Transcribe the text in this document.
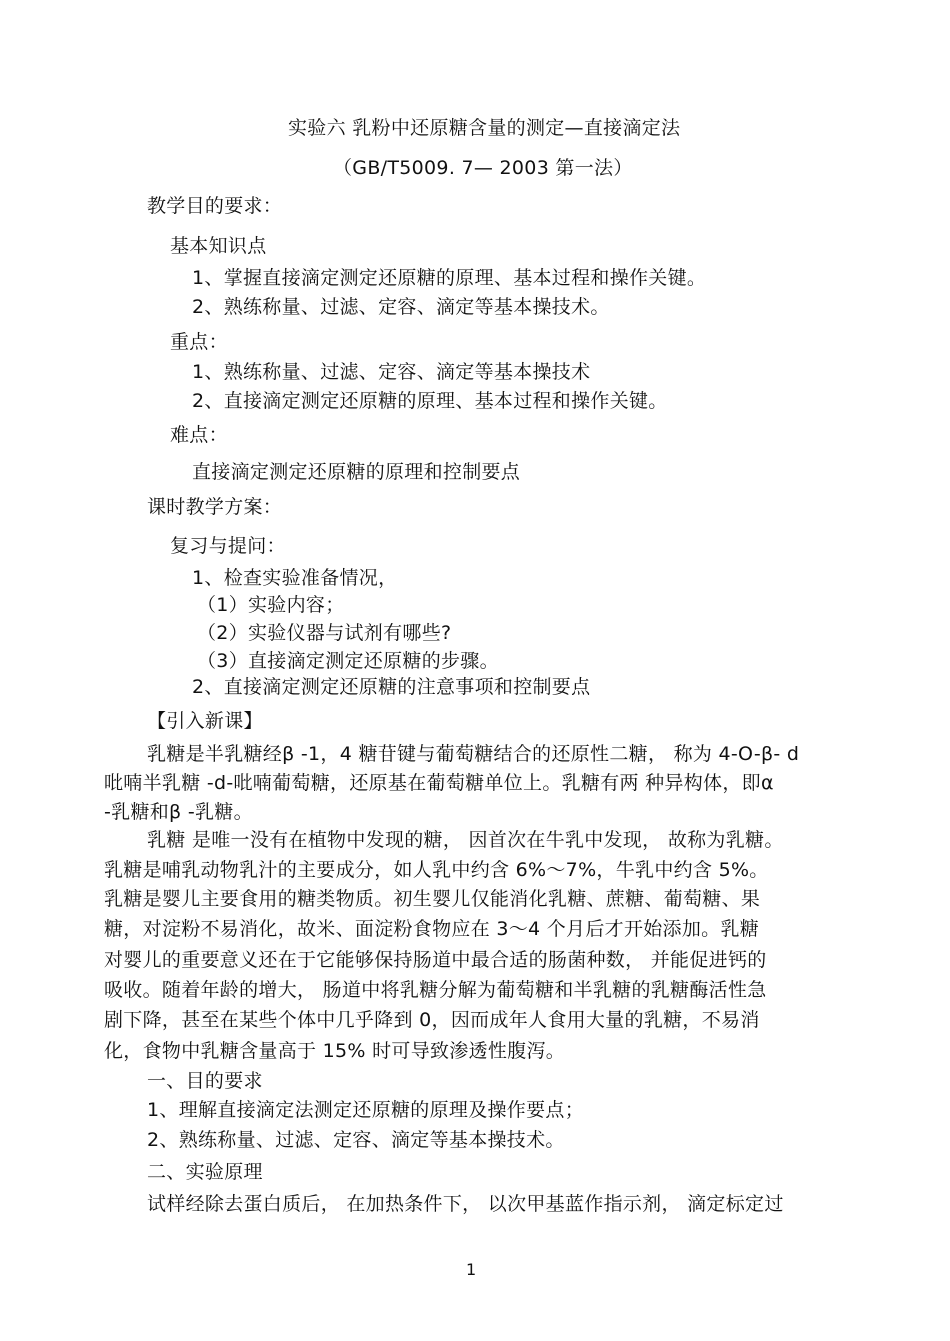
实验六 乳粉中还原糖含量的测定—直接滴定法
（GB/T5009. 7— 2003 第一法）
教学目的要求：
基本知识点
1、掌握直接滴定测定还原糖的原理、基本过程和操作关键。
2、熟练称量、过滤、定容、滴定等基本操技术。
重点：
1、熟练称量、过滤、定容、滴定等基本操技术
2、直接滴定测定还原糖的原理、基本过程和操作关键。
难点：
直接滴定测定还原糖的原理和控制要点
课时教学方案：
复习与提问：
1、检查实验准备情况，
（1）实验内容；
（2）实验仪器与试剂有哪些?
（3）直接滴定测定还原糖的步骤。
2、直接滴定测定还原糖的注意事项和控制要点
【引入新课】
乳糖是半乳糖经β -1，4 糖苷键与葡萄糖结合的还原性二糖， 称为 4-O-β- d
吡喃半乳糖 -d-吡喃葡萄糖，还原基在葡萄糖单位上。乳糖有两 种异构体，即α
-乳糖和β -乳糖。
乳糖 是唯一没有在植物中发现的糖， 因首次在牛乳中发现， 故称为乳糖。
乳糖是哺乳动物乳汁的主要成分，如人乳中约含 6%～7%，牛乳中约含 5%。
乳糖是婴儿主要食用的糖类物质。初生婴儿仅能消化乳糖、蔗糖、葡萄糖、果
糖，对淀粉不易消化，故米、面淀粉食物应在 3～4 个月后才开始添加。乳糖
对婴儿的重要意义还在于它能够保持肠道中最合适的肠菌种数， 并能促进钙的
吸收。随着年龄的增大， 肠道中将乳糖分解为葡萄糖和半乳糖的乳糖酶活性急
剧下降，甚至在某些个体中几乎降到 0，因而成年人食用大量的乳糖，不易消
化，食物中乳糖含量高于 15% 时可导致渗透性腹泻。
一、目的要求
1、理解直接滴定法测定还原糖的原理及操作要点；
2、熟练称量、过滤、定容、滴定等基本操技术。
二、实验原理
试样经除去蛋白质后， 在加热条件下， 以次甲基蓝作指示剂， 滴定标定过
1
